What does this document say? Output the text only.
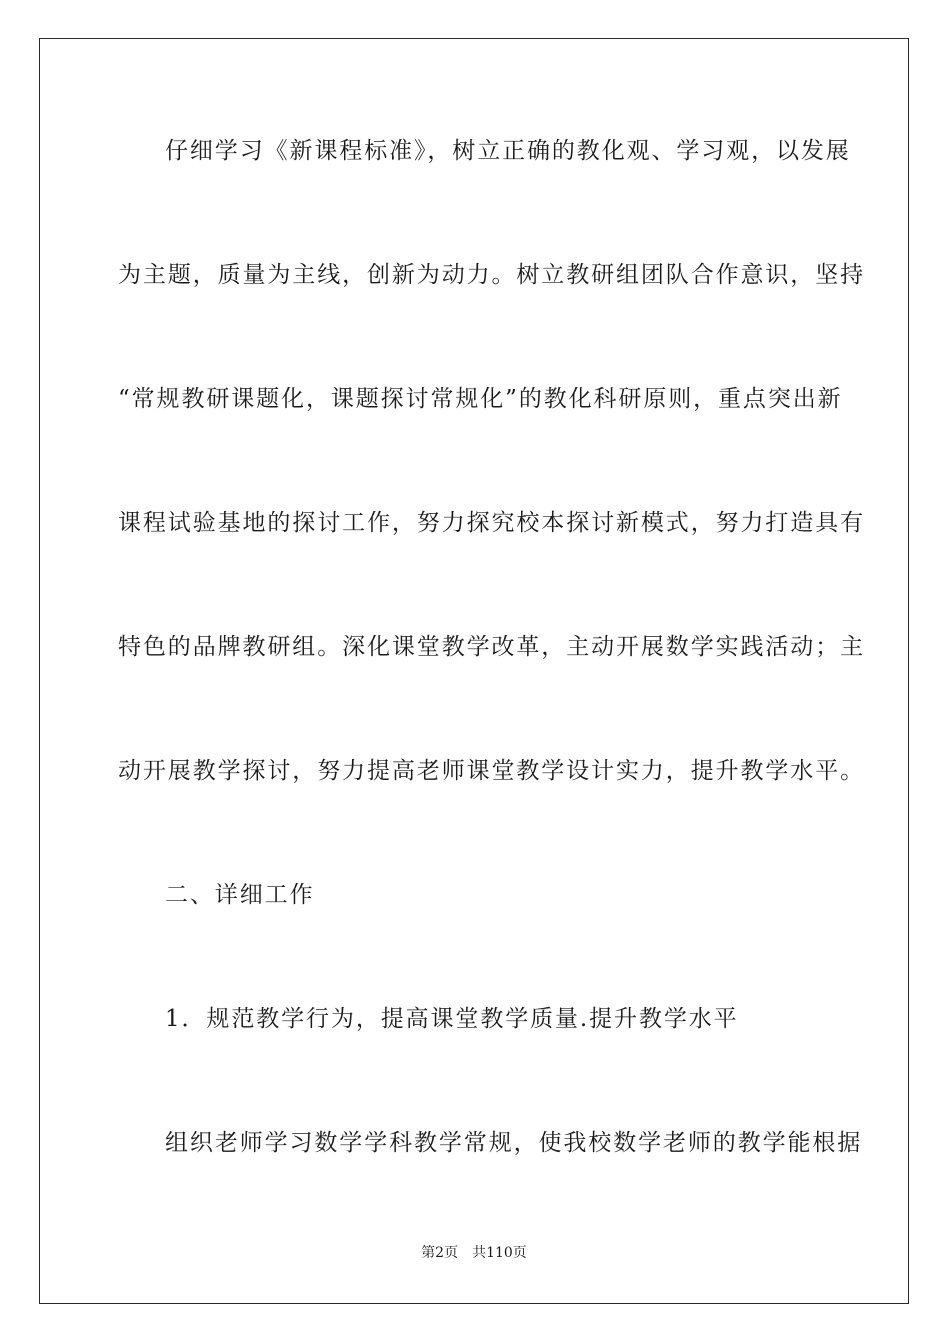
仔细学习《新课程标准》，树立正确的教化观、学习观，以发展
为主题，质量为主线，创新为动力。树立教研组团队合作意识，坚持
“常规教研课题化，课题探讨常规化”的教化科研原则，重点突出新
课程试验基地的探讨工作，努力探究校本探讨新模式，努力打造具有
特色的品牌教研组。深化课堂教学改革，主动开展数学实践活动；主
动开展教学探讨，努力提高老师课堂教学设计实力，提升教学水平。
二、详细工作
1．规范教学行为，提高课堂教学质量.提升教学水平
组织老师学习数学学科教学常规，使我校数学老师的教学能根据
第2页　共110页
